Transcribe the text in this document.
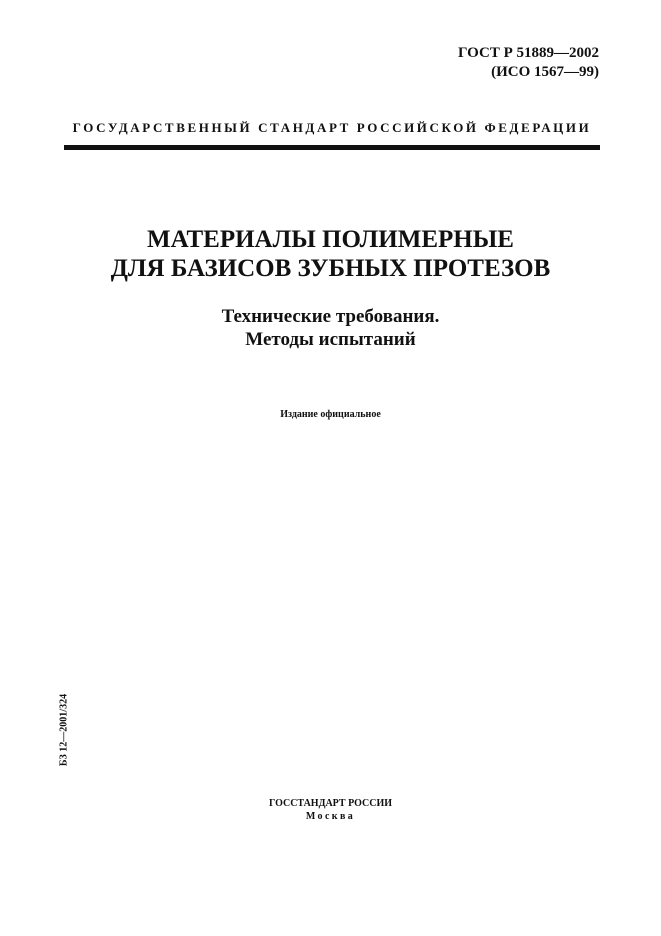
ГОСТ Р 51889—2002
(ИСО 1567—99)
ГОСУДАРСТВЕННЫЙ СТАНДАРТ РОССИЙСКОЙ ФЕДЕРАЦИИ
МАТЕРИАЛЫ ПОЛИМЕРНЫЕ
ДЛЯ БАЗИСОВ ЗУБНЫХ ПРОТЕЗОВ
Технические требования.
Методы испытаний
Издание официальное
БЗ 12—2001/324
ГОССТАНДАРТ РОССИИ
Москва
